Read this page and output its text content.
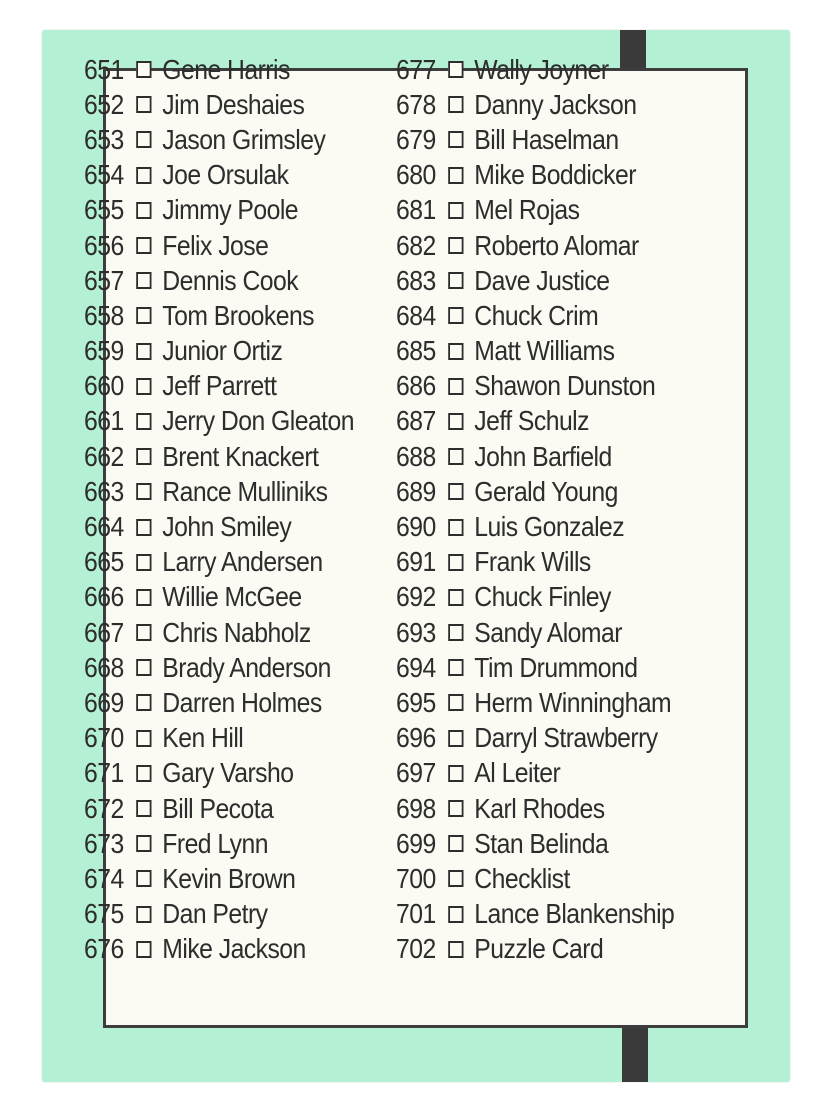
651 Gene Harris
652 Jim Deshaies
653 Jason Grimsley
654 Joe Orsulak
655 Jimmy Poole
656 Felix Jose
657 Dennis Cook
658 Tom Brookens
659 Junior Ortiz
660 Jeff Parrett
661 Jerry Don Gleaton
662 Brent Knackert
663 Rance Mulliniks
664 John Smiley
665 Larry Andersen
666 Willie McGee
667 Chris Nabholz
668 Brady Anderson
669 Darren Holmes
670 Ken Hill
671 Gary Varsho
672 Bill Pecota
673 Fred Lynn
674 Kevin Brown
675 Dan Petry
676 Mike Jackson
677 Wally Joyner
678 Danny Jackson
679 Bill Haselman
680 Mike Boddicker
681 Mel Rojas
682 Roberto Alomar
683 Dave Justice
684 Chuck Crim
685 Matt Williams
686 Shawon Dunston
687 Jeff Schulz
688 John Barfield
689 Gerald Young
690 Luis Gonzalez
691 Frank Wills
692 Chuck Finley
693 Sandy Alomar
694 Tim Drummond
695 Herm Winningham
696 Darryl Strawberry
697 Al Leiter
698 Karl Rhodes
699 Stan Belinda
700 Checklist
701 Lance Blankenship
702 Puzzle Card
